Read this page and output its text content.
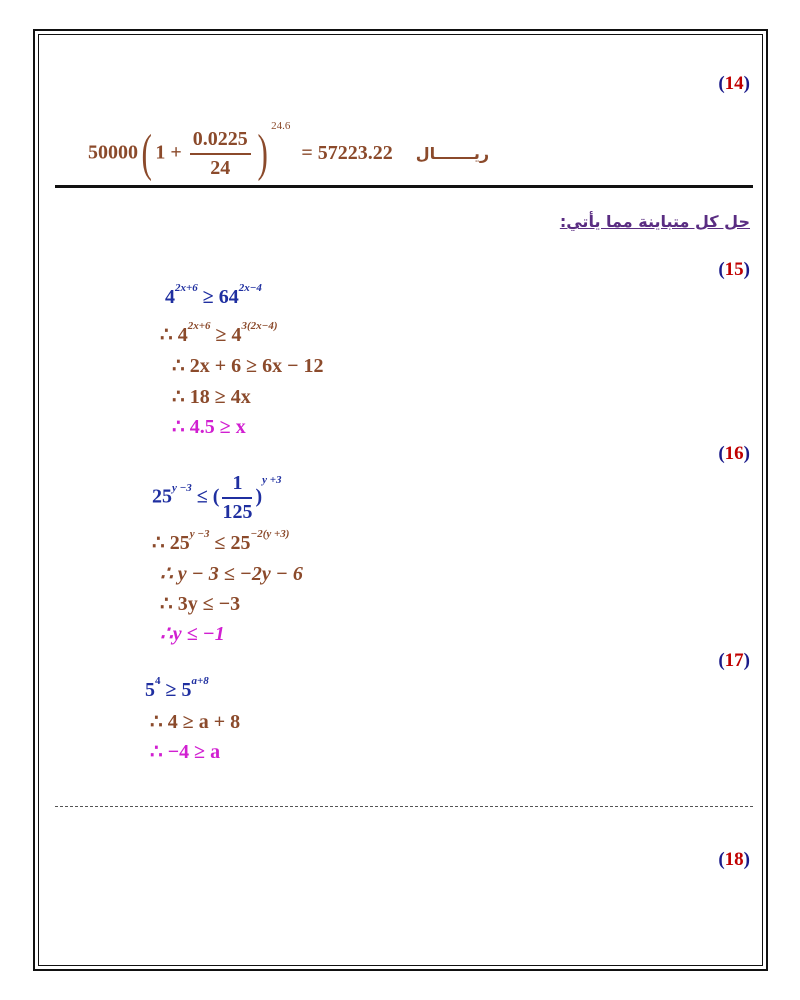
(14)
50000( $1 + \frac{0.0225}{24}$ ) $^{24.6}$ = 57223.22 ريـــــــال
حل كل متباينة مما يأتي:
(15)
$4^{2x+6} \ge 64^{2x-4}$
∴ $4^{2x+6} \ge 4^{3(2x-4)}$
∴ 2x + 6 ≥ 6x − 12
∴ 18 ≥ 4x
∴ 4.5 ≥ x
(16)
$25^{y -3}$ ≤ ( $\frac{1}{125} )^{y +3}$
∴ $25^{y -3} \le 25^{-2(y +3)}$
∴ y − 3 ≤ −2y − 6
∴ 3y ≤ −3
∴y ≤ −1
(17)
$5^4 \ge 5^{a+8}$
∴ 4 ≥ a + 8
∴ −4 ≥ a
(18)
